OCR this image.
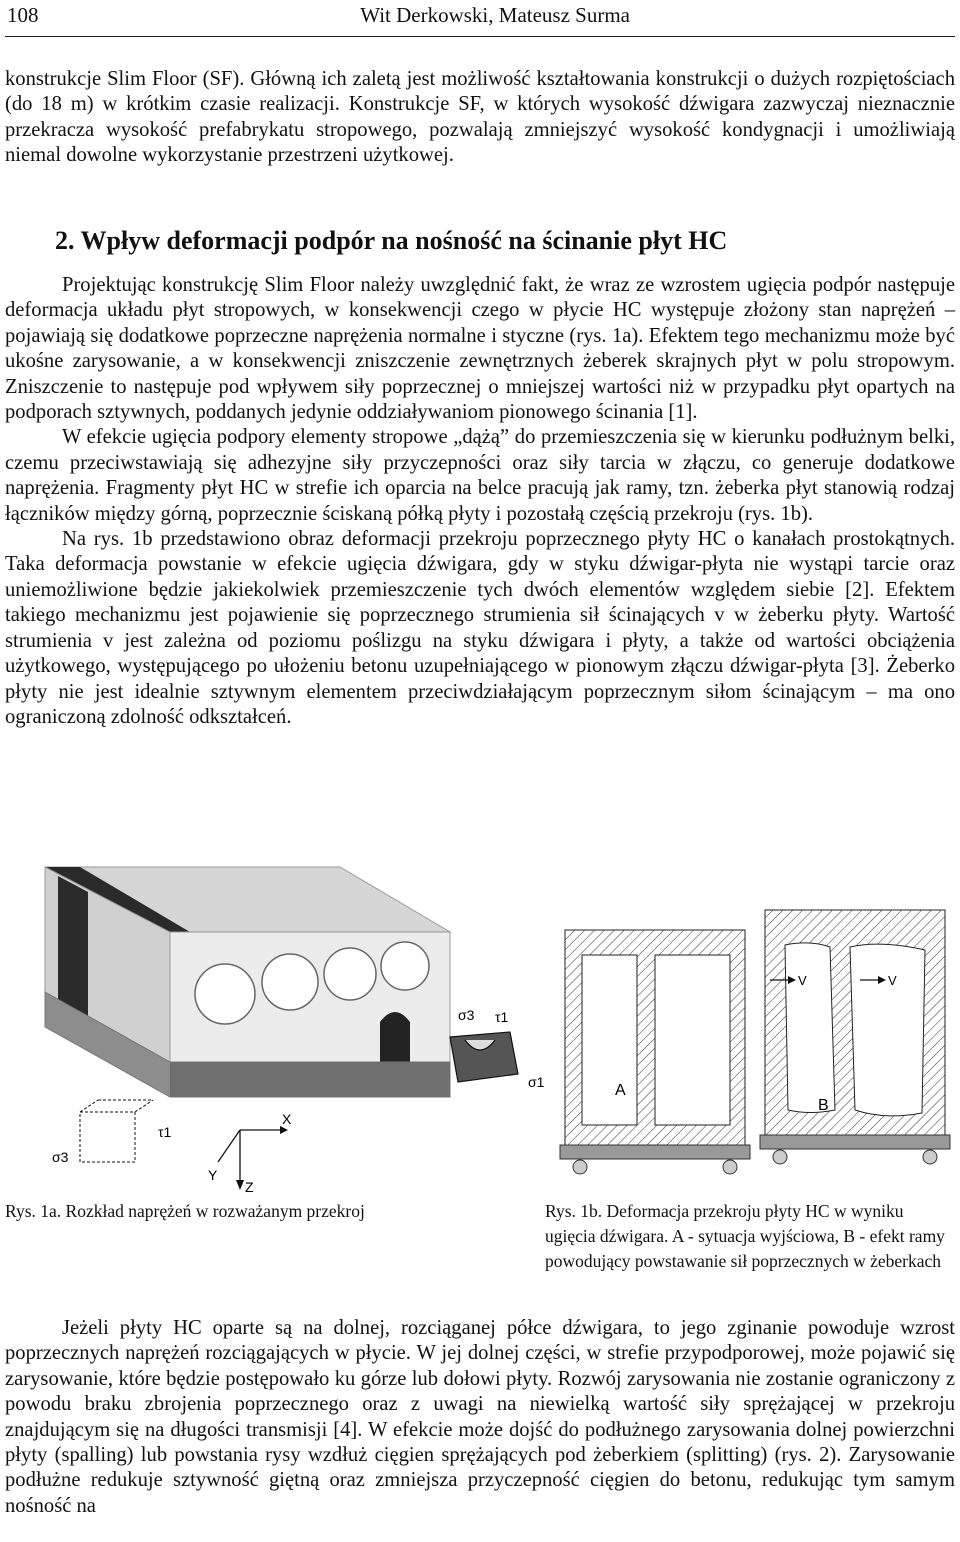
108	Wit Derkowski, Mateusz Surma

konstrukcje Slim Floor (SF). Główną ich zaletą jest możliwość kształtowania konstrukcji o dużych rozpiętościach (do 18 m) w krótkim czasie realizacji. Konstrukcje SF, w których wysokość dźwigara zazwyczaj nieznacznie przekracza wysokość prefabrykatu stropowego, pozwalają zmniejszyć wysokość kondygnacji i umożliwiają niemal dowolne wykorzystanie przestrzeni użytkowej.

2. Wpływ deformacji podpór na nośność na ścinanie płyt HC

Projektując konstrukcję Slim Floor należy uwzględnić fakt, że wraz ze wzrostem ugięcia podpór następuje deformacja układu płyt stropowych, w konsekwencji czego w płycie HC występuje złożony stan naprężeń – pojawiają się dodatkowe poprzeczne naprężenia normalne i styczne (rys. 1a). Efektem tego mechanizmu może być ukośne zarysowanie, a w konsekwencji zniszczenie zewnętrznych żeberek skrajnych płyt w polu stropowym. Zniszczenie to następuje pod wpływem siły poprzecznej o mniejszej wartości niż w przypadku płyt opartych na podporach sztywnych, poddanych jedynie oddziaływaniom pionowego ścinania [1].

W efekcie ugięcia podpory elementy stropowe „dążą” do przemieszczenia się w kierunku podłużnym belki, czemu przeciwstawiają się adhezyjne siły przyczepności oraz siły tarcia w złączu, co generuje dodatkowe naprężenia. Fragmenty płyt HC w strefie ich oparcia na belce pracują jak ramy, tzn. żeberka płyt stanowią rodzaj łączników między górną, poprzecznie ściskaną półką płyty i pozostałą częścią przekroju (rys. 1b).

Na rys. 1b przedstawiono obraz deformacji przekroju poprzecznego płyty HC o kanałach prostokątnych. Taka deformacja powstanie w efekcie ugięcia dźwigara, gdy w styku dźwigar-płyta nie wystąpi tarcie oraz uniemożliwione będzie jakiekolwiek przemieszczenie tych dwóch elementów względem siebie [2]. Efektem takiego mechanizmu jest pojawienie się poprzecznego strumienia sił ścinających v w żeberku płyty. Wartość strumienia v jest zależna od poziomu poślizgu na styku dźwigara i płyty, a także od wartości obciążenia użytkowego, występującego po ułożeniu betonu uzupełniającego w pionowym złączu dźwigar-płyta [3]. Żeberko płyty nie jest idealnie sztywnym elementem przeciwdziałającym poprzecznym siłom ścinającym – ma ono ograniczoną zdolność odkształceń.

σ3 τ1
σ1
X
Z
Y
σ3
τ1
A
B
V	V
Rys. 1a. Rozkład naprężeń w rozważanym przekroj	Rys. 1b. Deformacja przekroju płyty HC w wyniku ugięcia dźwigara. A - sytuacja wyjściowa, B - efekt ramy powodujący powstawanie sił poprzecznych w żeberkach

Jeżeli płyty HC oparte są na dolnej, rozciąganej półce dźwigara, to jego zginanie powoduje wzrost poprzecznych naprężeń rozciągających w płycie. W jej dolnej części, w strefie przypodporowej, może pojawić się zarysowanie, które będzie postępowało ku górze lub dołowi płyty. Rozwój zarysowania nie zostanie ograniczony z powodu braku zbrojenia poprzecznego oraz z uwagi na niewielką wartość siły sprężającej w przekroju znajdującym się na długości transmisji [4]. W efekcie może dojść do podłużnego zarysowania dolnej powierzchni płyty (spalling) lub powstania rysy wzdłuż cięgien sprężających pod żeberkiem (splitting) (rys. 2). Zarysowanie podłużne redukuje sztywność giętną oraz zmniejsza przyczepność cięgien do betonu, redukując tym samym nośność na
